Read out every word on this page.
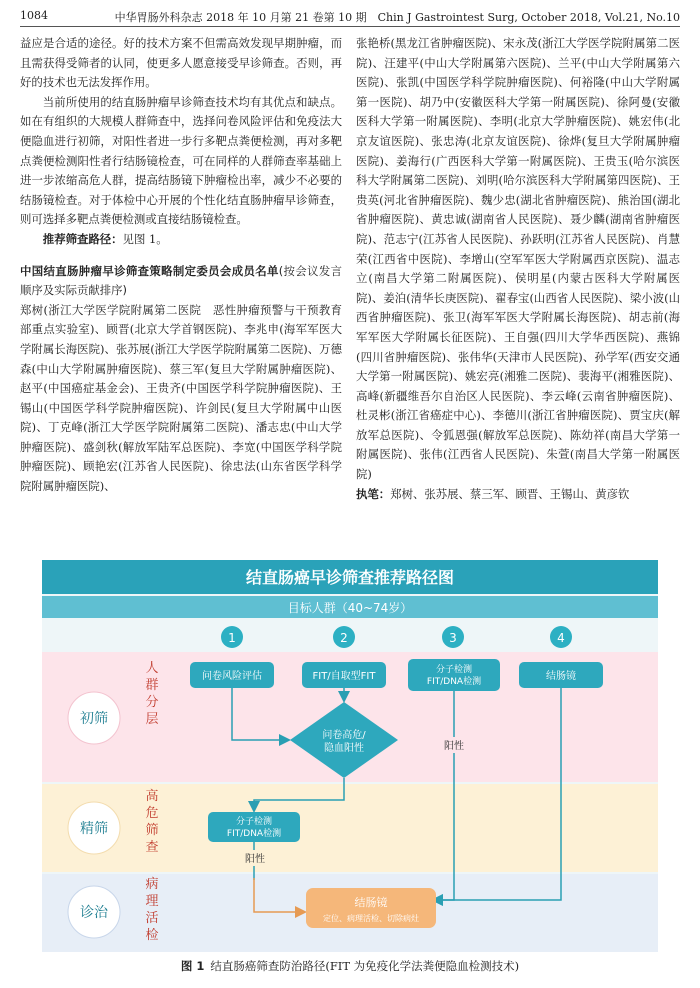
1084	中华胃肠外科杂志 2018 年 10 月第 21 卷第 10 期　Chin J Gastrointest Surg, October 2018, Vol.21, No.10

益应是合适的途径。好的技术方案不但需高效发现早期肿瘤，而且需获得受筛者的认同，使更多人愿意接受早诊筛查。否则，再好的技术也无法发挥作用。

当前所使用的结直肠肿瘤早诊筛查技术均有其优点和缺点。如在有组织的大规模人群筛查中，选择问卷风险评估和免疫法大便隐血进行初筛，对阳性者进一步行多靶点粪便检测，再对多靶点粪便检测阳性者行结肠镜检查，可在同样的人群筛查率基础上进一步浓缩高危人群，提高结肠镜下肿瘤检出率，减少不必要的结肠镜检查。对于体检中心开展的个性化结直肠肿瘤早诊筛查，则可选择多靶点粪便检测或直接结肠镜检查。

推荐筛查路径：见图 1。

中国结直肠肿瘤早诊筛查策略制定委员会成员名单(按会议发言顺序及实际贡献排序)

郑树(浙江大学医学院附属第二医院　恶性肿瘤预警与干预教育部重点实验室)、顾晋(北京大学首钢医院)、李兆申(海军军医大学附属长海医院)、张苏展(浙江大学医学院附属第二医院)、万德森(中山大学附属肿瘤医院)、蔡三军(复旦大学附属肿瘤医院)、赵平(中国癌症基金会)、王贵齐(中国医学科学院肿瘤医院)、王锡山(中国医学科学院肿瘤医院)、许剑民(复旦大学附属中山医院)、丁克峰(浙江大学医学院附属第二医院)、潘志忠(中山大学肿瘤医院)、盛剑秋(解放军陆军总医院)、李宽(中国医学科学院肿瘤医院)、顾艳宏(江苏省人民医院)、徐忠法(山东省医学科学院附属肿瘤医院)、

张艳桥(黑龙江省肿瘤医院)、宋永茂(浙江大学医学院附属第二医院)、汪建平(中山大学附属第六医院)、兰平(中山大学附属第六医院)、张凯(中国医学科学院肿瘤医院)、何裕隆(中山大学附属第一医院)、胡乃中(安徽医科大学第一附属医院)、徐阿曼(安徽医科大学第一附属医院)、李明(北京大学肿瘤医院)、姚宏伟(北京友谊医院)、张忠涛(北京友谊医院)、徐烨(复旦大学附属肿瘤医院)、姜海行(广西医科大学第一附属医院)、王贵玉(哈尔滨医科大学附属第二医院)、刘明(哈尔滨医科大学附属第四医院)、王贵英(河北省肿瘤医院)、魏少忠(湖北省肿瘤医院)、熊治国(湖北省肿瘤医院)、黄忠诚(湖南省人民医院)、聂少麟(湖南省肿瘤医院)、范志宁(江苏省人民医院)、孙跃明(江苏省人民医院)、肖慧荣(江西省中医院)、李增山(空军军医大学附属西京医院)、温志立(南昌大学第二附属医院)、侯明星(内蒙古医科大学附属医院)、姜泊(清华长庚医院)、翟春宝(山西省人民医院)、梁小波(山西省肿瘤医院)、张卫(海军军医大学附属长海医院)、胡志前(海军军医大学附属长征医院)、王自强(四川大学华西医院)、燕锦(四川省肿瘤医院)、张伟华(天津市人民医院)、孙学军(西安交通大学第一附属医院)、姚宏亮(湘雅二医院)、裴海平(湘雅医院)、高峰(新疆维吾尔自治区人民医院)、李云峰(云南省肿瘤医院)、杜灵彬(浙江省癌症中心)、李德川(浙江省肿瘤医院)、贾宝庆(解放军总医院)、令狐恩强(解放军总医院)、陈幼祥(南昌大学第一附属医院)、张伟(江西省人民医院)、朱萱(南昌大学第一附属医院)

执笔：郑树、张苏展、蔡三军、顾晋、王锡山、黄彦钦

结直肠癌早诊筛查推荐路径图
目标人群（40~74岁）
1	2	3	4
问卷风险评估	FIT/自取型FIT
分子检测 FIT/DNA检测	结肠镜
问卷高危/隐血阳性	阳性
分子检测 FIT/DNA检测
阳性
结肠镜
定位、病理活检、切除病灶
初筛
精筛
诊治
人群分层
高危筛查
病理活检
图 1 结直肠癌筛查防治路径(FIT 为免疫化学法粪便隐血检测技术)
